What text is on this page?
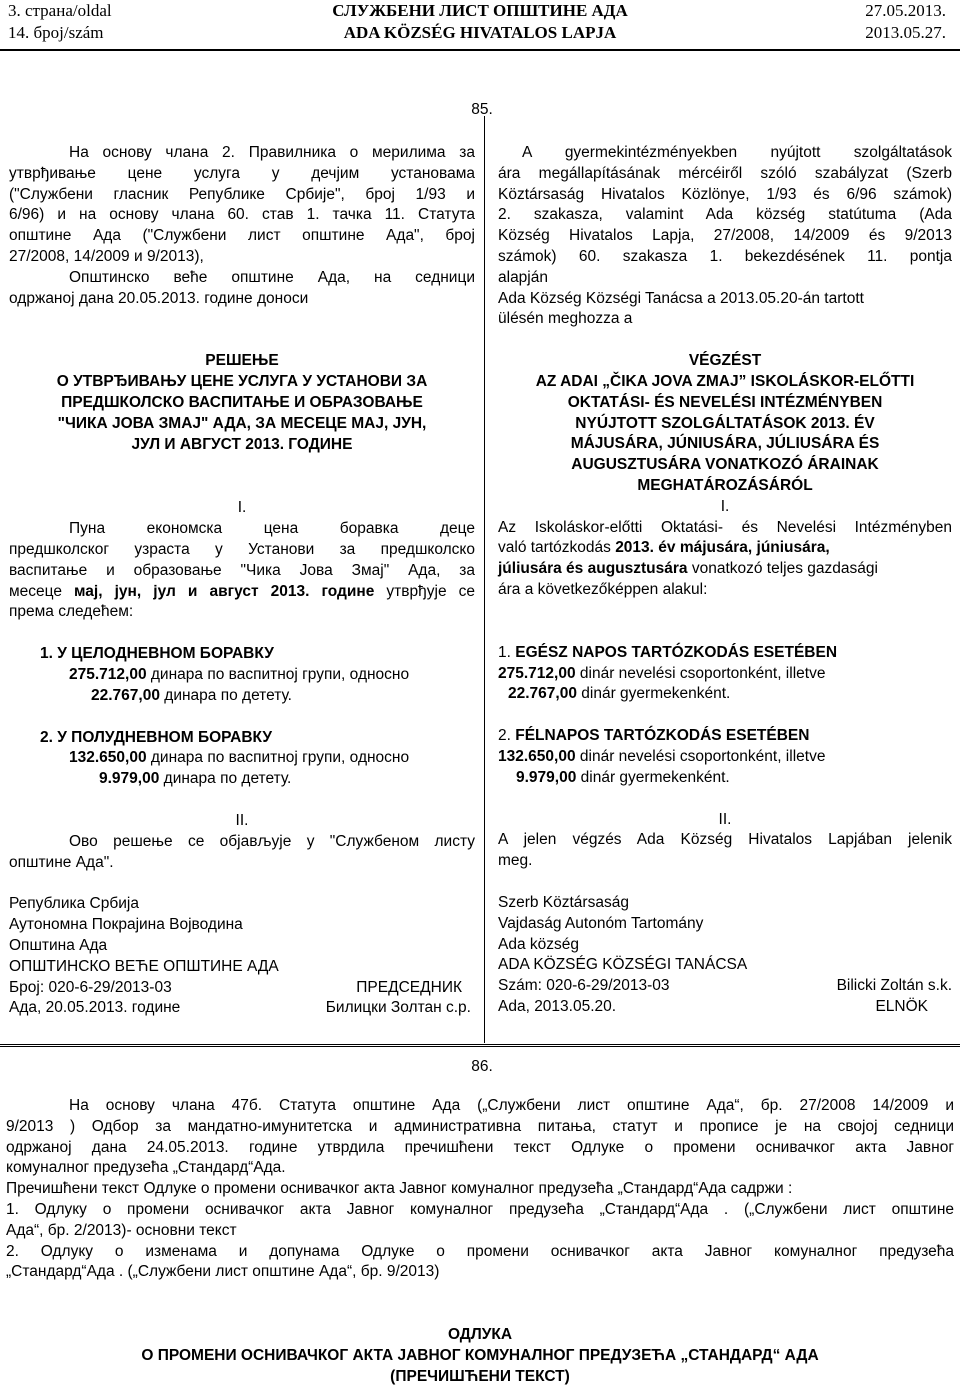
3. страна/oldal
14. број/szám
СЛУЖБЕНИ ЛИСТ ОПШТИНЕ АДА
ADA KÖZSÉG HIVATALOS LAPJA
27.05.2013.
2013.05.27.
85.
На основу члана 2. Правилника о мерилима за
утврђивање цене услуга у дечјим установама
("Службени гласник Републике Србије", број 1/93 и
6/96) и на основу члана 60. став 1. тачка 11. Статута
општине Ада ("Службени лист општине Ада", број
27/2008, 14/2009 и 9/2013),
Општинско веће општине Ада, на седници
одржаној дана 20.05.2013. године доноси
РЕШЕЊЕ
О УТВРЂИВАЊУ ЦЕНЕ УСЛУГА У УСТАНОВИ ЗА
ПРЕДШКОЛСКО ВАСПИТАЊЕ И ОБРАЗОВАЊЕ
"ЧИКА ЈОВА ЗМАЈ" АДА, ЗА МЕСЕЦЕ МАЈ, ЈУН,
ЈУЛ И АВГУСТ 2013. ГОДИНЕ
I.
Пуна економска цена боравка деце
предшколског узраста у Установи за предшколско
васпитање и образовање "Чика Јова Змај" Ада, за
месеце мај, јун, јул и август 2013. године утврђује се
према следећем:
1. У ЦЕЛОДНЕВНОМ БОРАВКУ
275.712,00 динара по васпитној групи, односно
22.767,00 динара по детету.
2. У ПОЛУДНЕВНОМ БОРАВКУ
132.650,00 динара по васпитној групи, односно
9.979,00 динара по детету.
II.
Ово решење се објављује у "Службеном листу
општине Ада".
Република Србија
Аутономна Покрајина Војводина
Општина Ада
ОПШТИНСКО ВЕЋЕ ОПШТИНЕ АДА
Број: 020-6-29/2013-03	ПРЕДСЕДНИК
Ада, 20.05.2013. године	Билицки Золтан с.р.
A gyermekintézményekben nyújtott szolgáltatások
ára megállapításának mércéiről szóló szabályzat (Szerb
Köztársaság Hivatalos Közlönye, 1/93 és 6/96 számok)
2. szakasza, valamint Ada község statútuma (Ada
Község Hivatalos Lapja, 27/2008, 14/2009 és 9/2013
számok) 60. szakasza 1. bekezdésének 11. pontja
alapján
Ada Község Községi Tanácsa a 2013.05.20-án tartott
ülésén meghozza a
VÉGZÉST
AZ ADAI „ČIKA JOVA ZMAJ” ISKOLÁSKOR-ELŐTTI
OKTATÁSI- ÉS NEVELÉSI INTÉZMÉNYBEN
NYÚJTOTT SZOLGÁLTATÁSOK 2013. ÉV
MÁJUSÁRA, JÚNIUSÁRA, JÚLIUSÁRA ÉS
AUGUSZTUSÁRA VONATKOZÓ ÁRAINAK
MEGHATÁROZÁSÁRÓL
I.
Az Iskoláskor-előtti Oktatási- és Nevelési Intézményben
való tartózkodás 2013. év májusára, júniusára,
júliusára és augusztusára vonatkozó teljes gazdasági
ára a következőképpen alakul:
1. EGÉSZ NAPOS TARTÓZKODÁS ESETÉBEN
275.712,00 dinár nevelési csoportonként, illetve
22.767,00 dinár gyermekenként.
2. FÉLNAPOS TARTÓZKODÁS ESETÉBEN
132.650,00 dinár nevelési csoportonként, illetve
9.979,00 dinár gyermekenként.
II.
A jelen végzés Ada Község Hivatalos Lapjában jelenik
meg.
Szerb Köztársaság
Vajdaság Autonóm Tartomány
Ada község
ADA KÖZSÉG KÖZSÉGI TANÁCSA
Szám: 020-6-29/2013-03	Bilicki Zoltán s.k.
Ada, 2013.05.20.	ELNÖK
86.
На основу члана 47б. Статута општине Ада („Службени лист општине Ада“, бр. 27/2008 14/2009 и
9/2013 ) Одбор за мандатно-имунитетска и административна питања, статут и прописе је на својој седници
одржаној дана 24.05.2013. године утврдила пречишћени текст Одлуке о промени оснивачког акта Јавног
комуналног предузећа „Стандард“Ада.
Пречишћени текст Одлуке о промени оснивачког акта Јавног комуналног предузећа „Стандард“Ада садржи :
1. Одлуку о промени оснивачког акта Јавног комуналног предузећа „Стандард“Ада . („Службени лист општине
Ада“, бр. 2/2013)- основни текст
2. Одлуку о изменама и допунама Одлуке о промени оснивачког акта Јавног комуналног предузећа
„Стандард“Ада . („Службени лист општине Ада“, бр. 9/2013)
ОДЛУКА
О ПРОМЕНИ ОСНИВАЧКОГ АКТА ЈАВНОГ КОМУНАЛНОГ ПРЕДУЗЕЋА „СТАНДАРД“ АДА
(ПРЕЧИШЋЕНИ ТЕКСТ)
